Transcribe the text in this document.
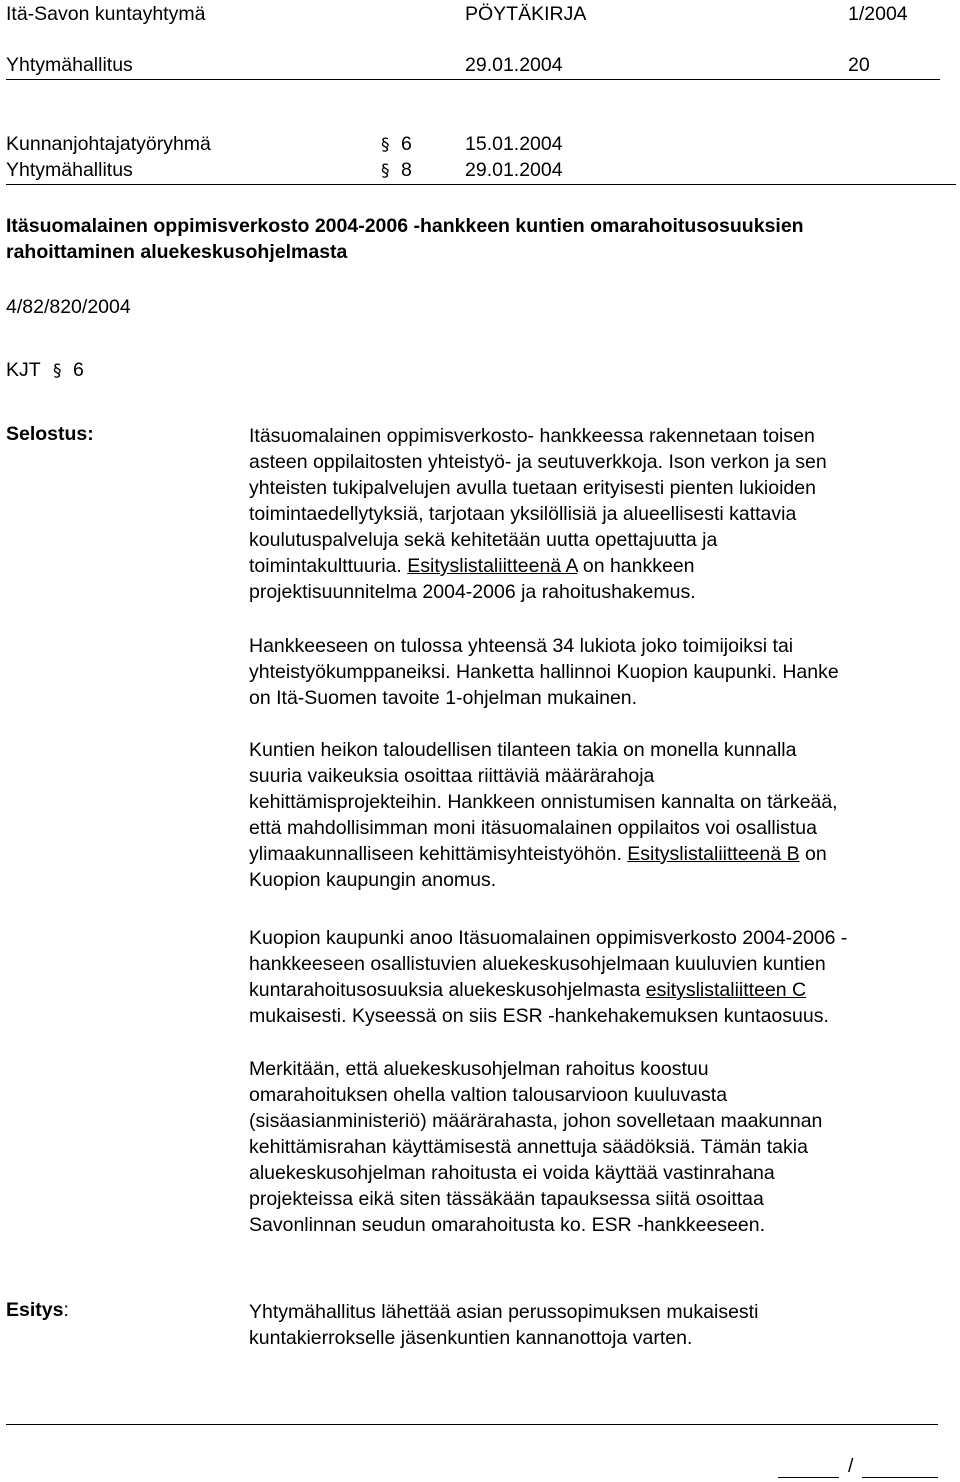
Itä-Savon kuntayhtymä	PÖYTÄKIRJA	1/2004
Yhtymähallitus	29.01.2004	20
Kunnanjohtajatyöryhmä	§ 6	15.01.2004
Yhtymähallitus	§ 8	29.01.2004
Itäsuomalainen oppimisverkosto 2004-2006 -hankkeen kuntien omarahoitusosuuksien
rahoittaminen aluekeskusohjelmasta
4/82/820/2004
KJT § 6
Selostus:	Itäsuomalainen oppimisverkosto- hankkeessa rakennetaan toisen
asteen oppilaitosten yhteistyö- ja seutuverkkoja. Ison verkon ja sen
yhteisten tukipalvelujen avulla tuetaan erityisesti pienten lukioiden
toimintaedellytyksiä, tarjotaan yksilöllisiä ja alueellisesti kattavia
koulutuspalveluja sekä kehitetään uutta opettajuutta ja
toimintakulttuuria. Esityslistaliitteenä A on hankkeen
projektisuunnitelma 2004-2006 ja rahoitushakemus.
Hankkeeseen on tulossa yhteensä 34 lukiota joko toimijoiksi tai
yhteistyökumppaneiksi. Hanketta hallinnoi Kuopion kaupunki. Hanke
on Itä-Suomen tavoite 1-ohjelman mukainen.
Kuntien heikon taloudellisen tilanteen takia on monella kunnalla
suuria vaikeuksia osoittaa riittäviä määrärahoja
kehittämisprojekteihin. Hankkeen onnistumisen kannalta on tärkeää,
että mahdollisimman moni itäsuomalainen oppilaitos voi osallistua
ylimaakunnalliseen kehittämisyhteistyöhön. Esityslistaliitteenä B on
Kuopion kaupungin anomus.
Kuopion kaupunki anoo Itäsuomalainen oppimisverkosto 2004-2006 -
hankkeeseen osallistuvien aluekeskusohjelmaan kuuluvien kuntien
kuntarahoitusosuuksia aluekeskusohjelmasta esityslistaliitteen C
mukaisesti. Kyseessä on siis ESR -hankehakemuksen kuntaosuus.
Merkitään, että aluekeskusohjelman rahoitus koostuu
omarahoituksen ohella valtion talousarvioon kuuluvasta
(sisäasianministeriö) määrärahasta, johon sovelletaan maakunnan
kehittämisrahan käyttämisestä annettuja säädöksiä. Tämän takia
aluekeskusohjelman rahoitusta ei voida käyttää vastinrahana
projekteissa eikä siten tässäkään tapauksessa siitä osoittaa
Savonlinnan seudun omarahoitusta ko. ESR -hankkeeseen.
Esitys:	Yhtymähallitus lähettää asian perussopimuksen mukaisesti
kuntakierrokselle jäsenkuntien kannanottoja varten.
/
